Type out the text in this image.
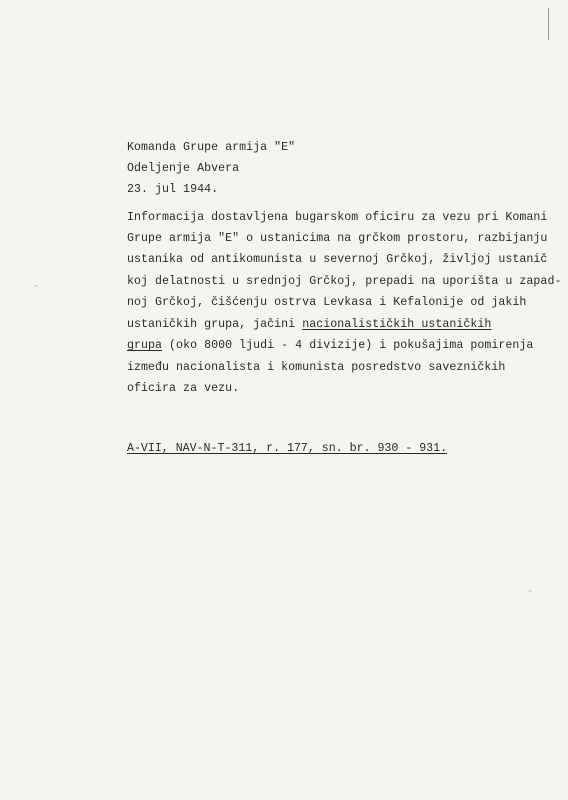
Komanda Grupe armija "E"
Odeljenje Abvera
23. jul 1944.
Informacija dostavljena bugarskom oficiru za vezu pri Komani
Grupe armija "E" o ustanicima na grčkom prostoru, razbijanju
ustanika od antikomunista u severnoj Grčkoj, življoj ustanič
koj delatnosti u srednjoj Grčkoj, prepadi na uporišta u zapad-
noj Grčkoj, čišćenju ostrva Levkasa i Kefalonije od jakih
ustaničkih grupa, jačini nacionalističkih ustaničkih
grupa (oko 8000 ljudi - 4 divizije) i pokušajima pomirenja
između nacionalista i komunista posredstvo savezničkih
oficira za vezu.
A-VII, NAV-N-T-311, r. 177, sn. br. 930 - 931.
